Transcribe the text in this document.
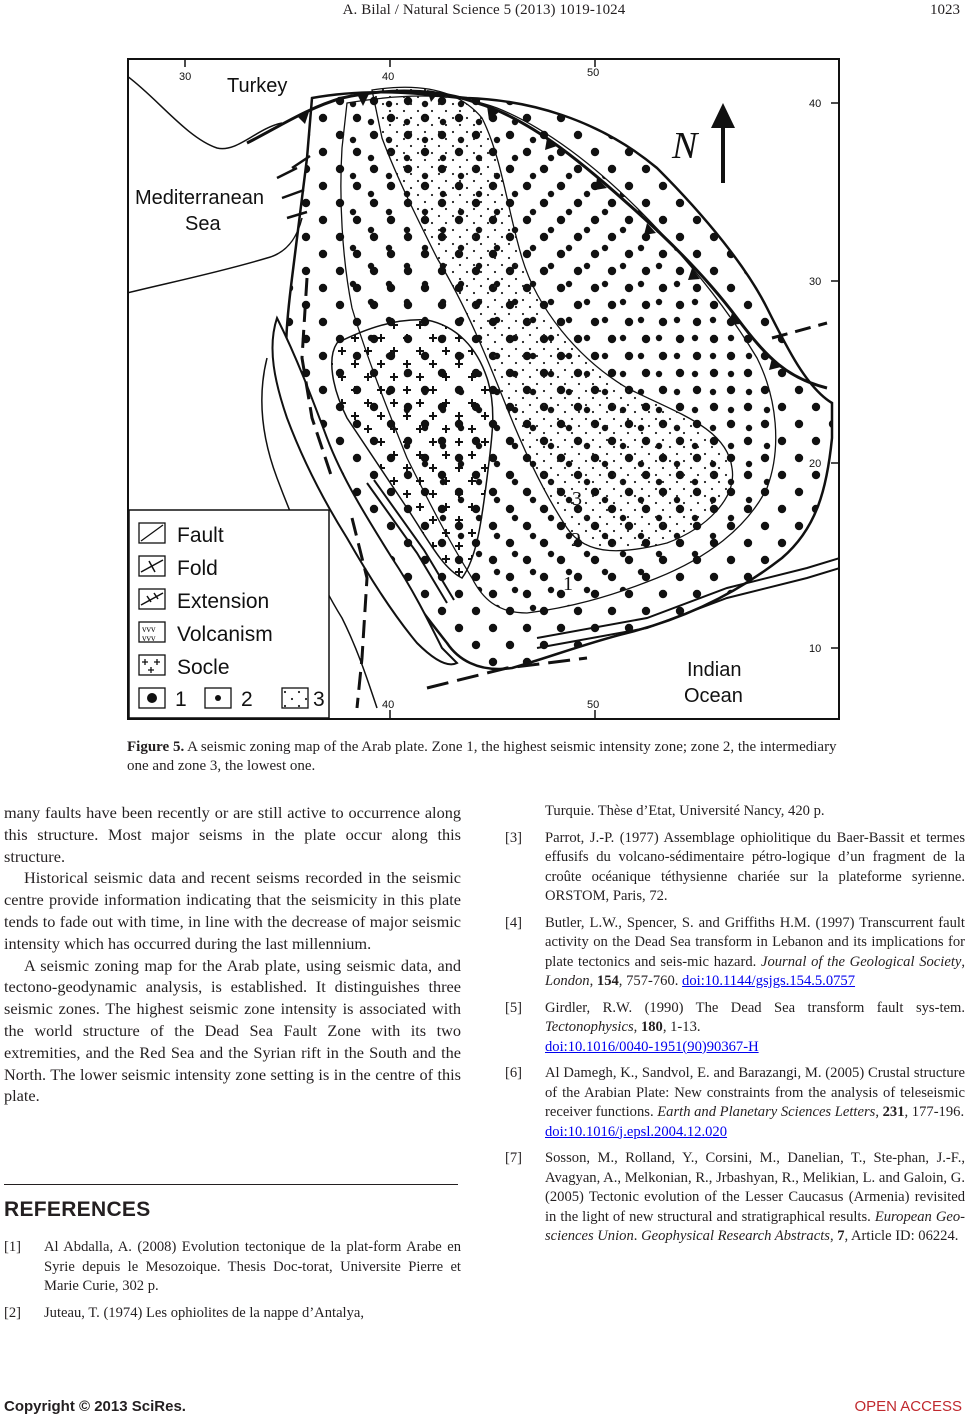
A. Bilal / Natural Science 5 (2013) 1019-1024	1023
N
Turkey
Mediterranean
Sea
Indian
Ocean
3
2
1
30	40	50
40	50
40
30
20
10
Fault
Fold
Extension
vvv
vvv Volcanism
Socle
1	2	3
Figure 5. A seismic zoning map of the Arab plate. Zone 1, the highest seismic intensity zone; zone 2, the intermediary one and zone 3, the lowest one.

many faults have been recently or are still active to occurrence along this structure. Most major seisms in the plate occur along this structure.

Historical seismic data and recent seisms recorded in the seismic centre provide information indicating that the seismicity in this plate tends to fade out with time, in line with the decrease of major seismic intensity which has occurred during the last millennium.

A seismic zoning map for the Arab plate, using seismic data, and tectono-geodynamic analysis, is established. It distinguishes three seismic zones. The highest seismic zone intensity is associated with the world structure of the Dead Sea Fault Zone with its two extremities, and the Red Sea and the Syrian rift in the South and the North. The lower seismic intensity zone setting is in the centre of this plate.

REFERENCES
[1] Al Abdalla, A. (2008) Evolution tectonique de la plat-form Arabe en Syrie depuis le Mesozoique. Thesis Doc-torat, Universite Pierre et Marie Curie, 302 p.
[2] Juteau, T. (1974) Les ophiolites de la nappe d’Antalya,
Turquie. Thèse d’Etat, Université Nancy, 420 p.
[3] Parrot, J.-P. (1977) Assemblage ophiolitique du Baer-Bassit et termes effusifs du volcano-sédimentaire pétro-logique d’un fragment de la croûte océanique téthysienne chariée sur la plateforme syrienne. ORSTOM, Paris, 72.
[4] Butler, L.W., Spencer, S. and Griffiths H.M. (1997) Transcurrent fault activity on the Dead Sea transform in Lebanon and its implications for plate tectonics and seis-mic hazard. Journal of the Geological Society, London, 154, 757-760. doi:10.1144/gsjgs.154.5.0757
[5] Girdler, R.W. (1990) The Dead Sea transform fault sys-tem. Tectonophysics, 180, 1-13.
doi:10.1016/0040-1951(90)90367-H
[6] Al Damegh, K., Sandvol, E. and Barazangi, M. (2005) Crustal structure of the Arabian Plate: New constraints from the analysis of teleseismic receiver functions. Earth and Planetary Sciences Letters, 231, 177-196.
doi:10.1016/j.epsl.2004.12.020
[7] Sosson, M., Rolland, Y., Corsini, M., Danelian, T., Ste-phan, J.-F., Avagyan, A., Melkonian, R., Jrbashyan, R., Melikian, L. and Galoin, G. (2005) Tectonic evolution of the Lesser Caucasus (Armenia) revisited in the light of new structural and stratigraphical results. European Geo-sciences Union. Geophysical Research Abstracts, 7, Article ID: 06224.
Copyright © 2013 SciRes.	OPEN ACCESS
